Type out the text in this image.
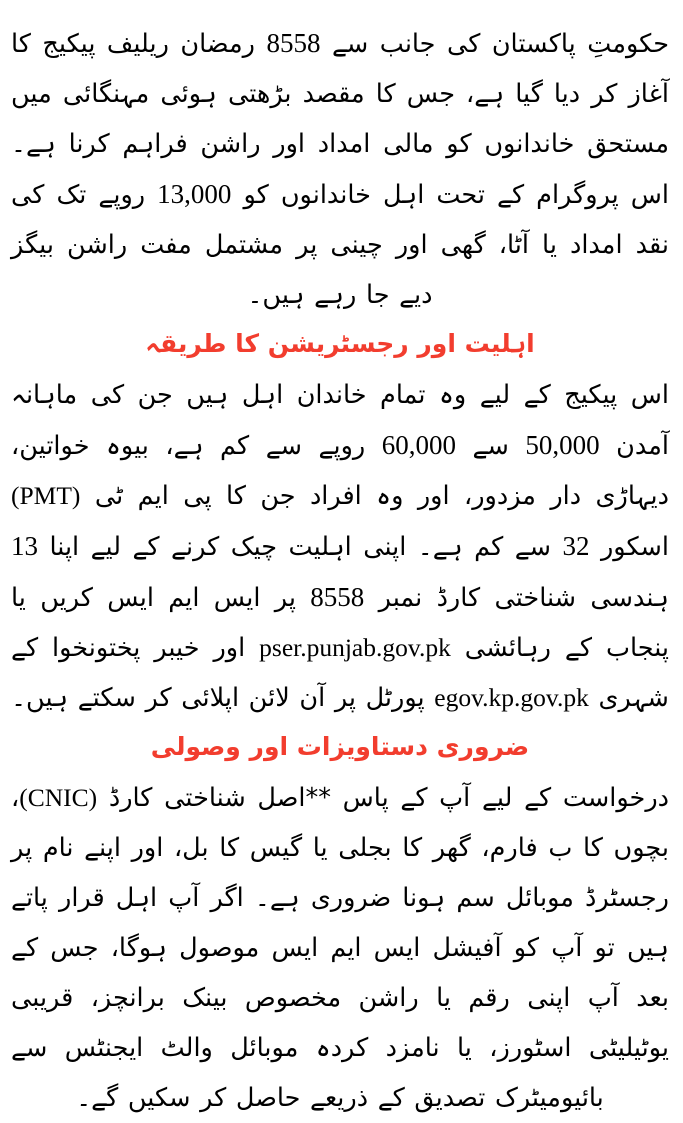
حکومتِ پاکستان کی جانب سے 8558 رمضان ریلیف پیکیج کا آغاز کر دیا گیا ہے، جس کا مقصد بڑھتی ہوئی مہنگائی میں مستحق خاندانوں کو مالی امداد اور راشن فراہم کرنا ہے۔ اس پروگرام کے تحت اہل خاندانوں کو 13,000 روپے تک کی نقد امداد یا آٹا، گھی اور چینی پر مشتمل مفت راشن بیگز دیے جا رہے ہیں۔

اہلیت اور رجسٹریشن کا طریقہ

اس پیکیج کے لیے وہ تمام خاندان اہل ہیں جن کی ماہانہ آمدن 50,000 سے 60,000 روپے سے کم ہے، بیوہ خواتین، دیہاڑی دار مزدور، اور وہ افراد جن کا پی ایم ٹی (PMT) اسکور 32 سے کم ہے۔ اپنی اہلیت چیک کرنے کے لیے اپنا 13 ہندسی شناختی کارڈ نمبر 8558 پر ایس ایم ایس کریں یا پنجاب کے رہائشی pser.punjab.gov.pk اور خیبر پختونخوا کے شہری egov.kp.gov.pk پورٹل پر آن لائن اپلائی کر سکتے ہیں۔

ضروری دستاویزات اور وصولی

درخواست کے لیے آپ کے پاس **اصل شناختی کارڈ (CNIC)، بچوں کا ب فارم، گھر کا بجلی یا گیس کا بل، اور اپنے نام پر رجسٹرڈ موبائل سم ہونا ضروری ہے۔ اگر آپ اہل قرار پاتے ہیں تو آپ کو آفیشل ایس ایم ایس موصول ہوگا، جس کے بعد آپ اپنی رقم یا راشن مخصوص بینک برانچز، قریبی یوٹیلیٹی اسٹورز، یا نامزد کردہ موبائل والٹ ایجنٹس سے بائیومیٹرک تصدیق کے ذریعے حاصل کر سکیں گے۔
